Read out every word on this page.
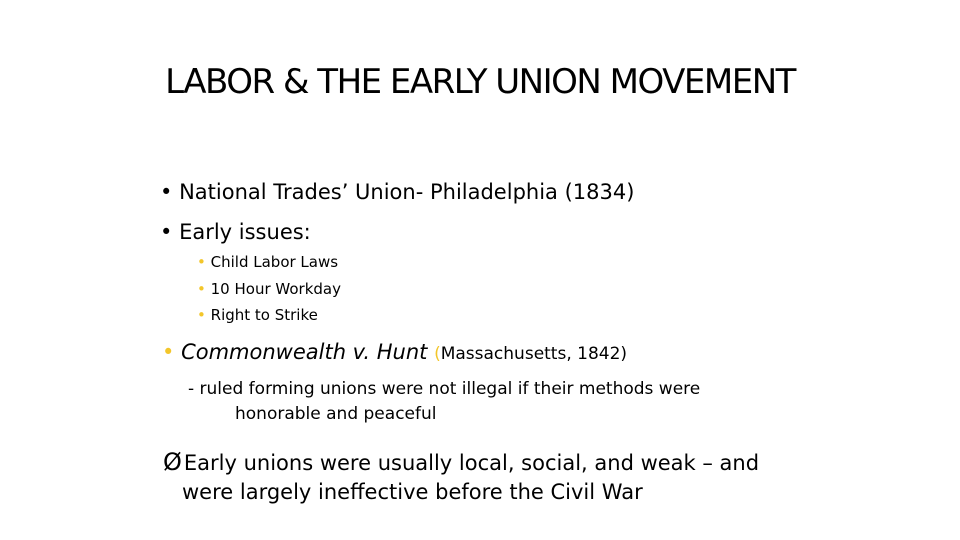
LABOR & THE EARLY UNION MOVEMENT
• National Trades’ Union- Philadelphia (1834)
• Early issues:
• Child Labor Laws
• 10 Hour Workday
• Right to Strike
• Commonwealth v. Hunt (Massachusetts, 1842)
- ruled forming unions were not illegal if their methods were
honorable and peaceful
ØEarly unions were usually local, social, and weak – and
were largely ineffective before the Civil War
